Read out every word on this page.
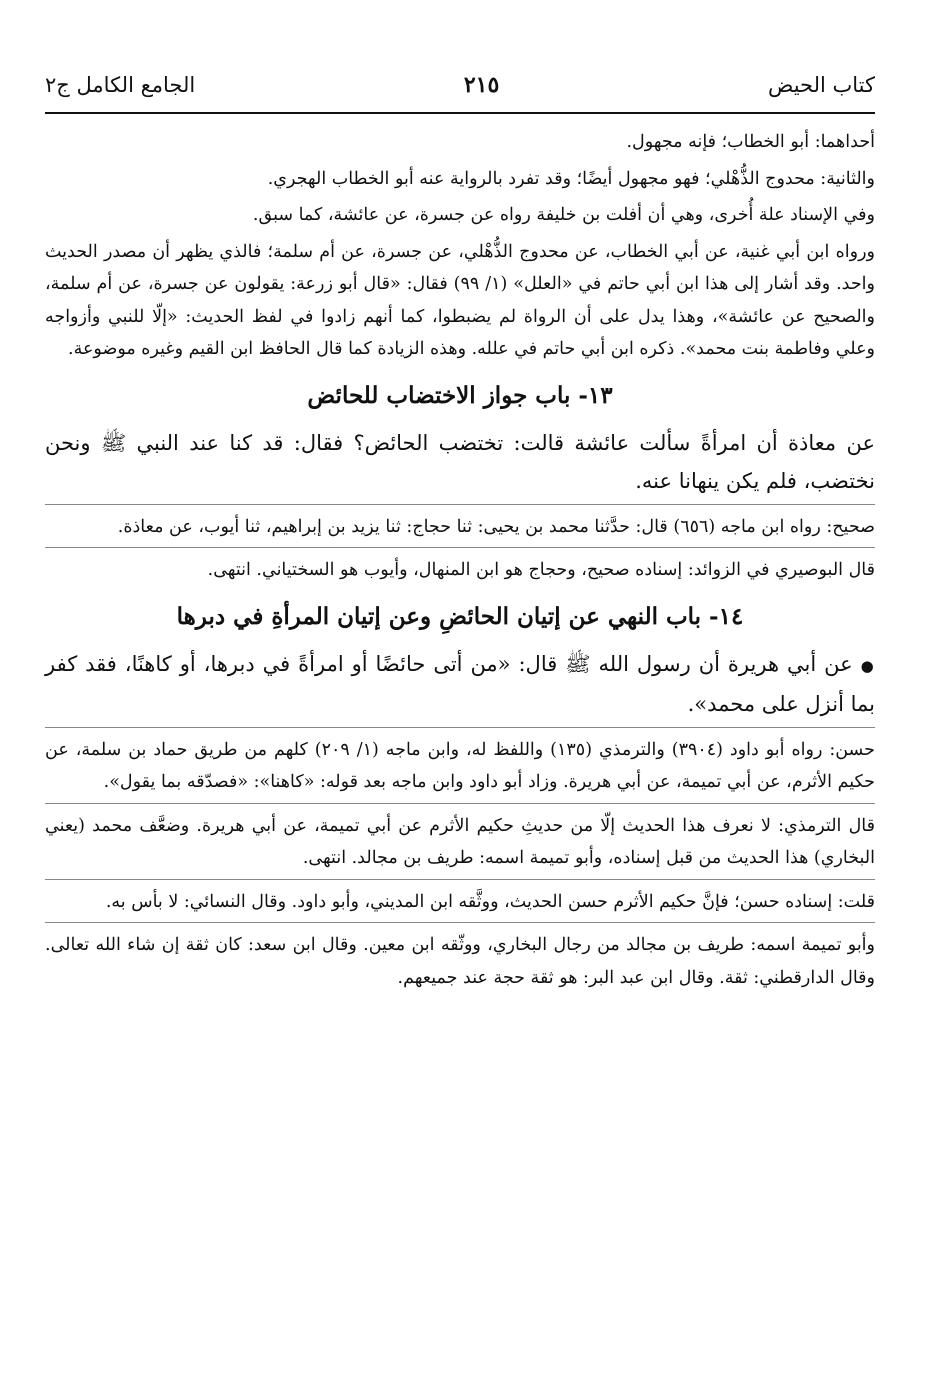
كتاب الحيض
٢١٥
الجامع الكامل ج٢

أحداهما: أبو الخطاب؛ فإنه مجهول.

والثانية: محدوج الذُّهْلي؛ فهو مجهول أيضًا؛ وقد تفرد بالرواية عنه أبو الخطاب الهجري.

وفي الإسناد علة أُخرى، وهي أن أفلت بن خليفة رواه عن جسرة، عن عائشة، كما سبق.

ورواه ابن أبي غنية، عن أبي الخطاب، عن محدوج الذُّهْلي، عن جسرة، عن أم سلمة؛ فالذي يظهر أن مصدر الحديث واحد. وقد أشار إلى هذا ابن أبي حاتم في «العلل» (١/ ٩٩) فقال: «قال أبو زرعة: يقولون عن جسرة، عن أم سلمة، والصحيح عن عائشة»، وهذا يدل على أن الرواة لم يضبطوا، كما أنهم زادوا في لفظ الحديث: «إلّا للنبي وأزواجه وعلي وفاطمة بنت محمد». ذكره ابن أبي حاتم في علله. وهذه الزيادة كما قال الحافظ ابن القيم وغيره موضوعة.

١٣- باب جواز الاختضاب للحائض

عن معاذة أن امرأةً سألت عائشة قالت: تختضب الحائض؟ فقال: قد كنا عند النبي ﷺ ونحن نختضب، فلم يكن ينهانا عنه.

صحيح: رواه ابن ماجه (٦٥٦) قال: حدَّثنا محمد بن يحيى: ثنا حجاج: ثنا يزيد بن إبراهيم، ثنا أيوب، عن معاذة.

قال البوصيري في الزوائد: إسناده صحيح، وحجاج هو ابن المنهال، وأيوب هو السختياني. انتهى.

١٤- باب النهي عن إتيان الحائضِ وعن إتيان المرأةِ في دبرها

● عن أبي هريرة أن رسول الله ﷺ قال: «من أتى حائضًا أو امرأةً في دبرها، أو كاهنًا، فقد كفر بما أنزل على محمد».

حسن: رواه أبو داود (٣٩٠٤) والترمذي (١٣٥) واللفظ له، وابن ماجه (١/ ٢٠٩) كلهم من طريق حماد بن سلمة، عن حكيم الأثرم، عن أبي تميمة، عن أبي هريرة. وزاد أبو داود وابن ماجه بعد قوله: «كاهنا»: «فصدّقه بما يقول».

قال الترمذي: لا نعرف هذا الحديث إلّا من حديثِ حكيم الأثرم عن أبي تميمة، عن أبي هريرة. وضعَّف محمد (يعني البخاري) هذا الحديث من قبل إسناده، وأبو تميمة اسمه: طريف بن مجالد. انتهى.

قلت: إسناده حسن؛ فإنَّ حكيم الأثرم حسن الحديث، ووثَّقه ابن المديني، وأبو داود. وقال النسائي: لا بأس به.

وأبو تميمة اسمه: طريف بن مجالد من رجال البخاري، ووثّقه ابن معين. وقال ابن سعد: كان ثقة إن شاء الله تعالى. وقال الدارقطني: ثقة. وقال ابن عبد البر: هو ثقة حجة عند جميعهم.
